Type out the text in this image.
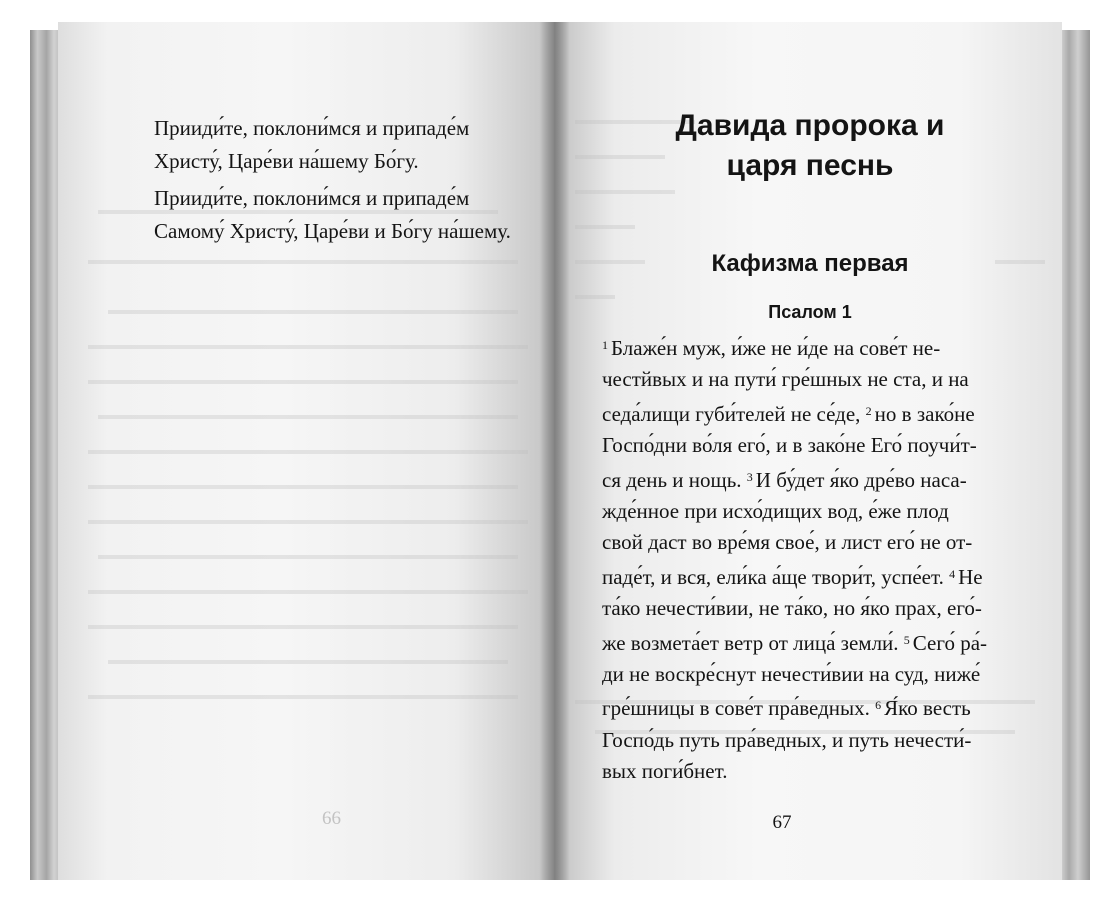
Прииди́те, поклони́мся и припаде́м Христу́, Царе́ви на́шему Бо́гу.

Прииди́те, поклони́мся и припаде́м Самому́ Христу́, Царе́ви и Бо́гу на́шему.

66
Давида пророка и царя песнь
Кафизма первая
Псалом 1
$^1$ Блаже́н муж, и́же не и́де на сове́т не-
честйвых и на пути́ гре́шных не ста, и на
седа́лищи губи́телей не се́де, $^2$ но в зако́не
Госпо́дни во́ля его́, и в зако́не Его́ поучи́т-
ся день и нощь. $^3$ И бу́дет я́ко дре́во наса-
жде́нное при исхо́дищих вод, е́же плод
свой даст во вре́мя свое́, и лист его́ не от-
паде́т, и вся, ели́ка а́ще твори́т, успе́ет. $^4$ Не
та́ко нечести́вии, не та́ко, но я́ко прах, его́-
же возмета́ет ветр от лица́ земли́. $^5$ Сего́ ра́-
ди не воскре́снут нечести́вии на суд, ниже́
гре́шницы в сове́т пра́ведных. $^6$ Я́ко весть
Госпо́дь путь пра́ведных, и путь нечести́-
вых поги́бнет.
67
